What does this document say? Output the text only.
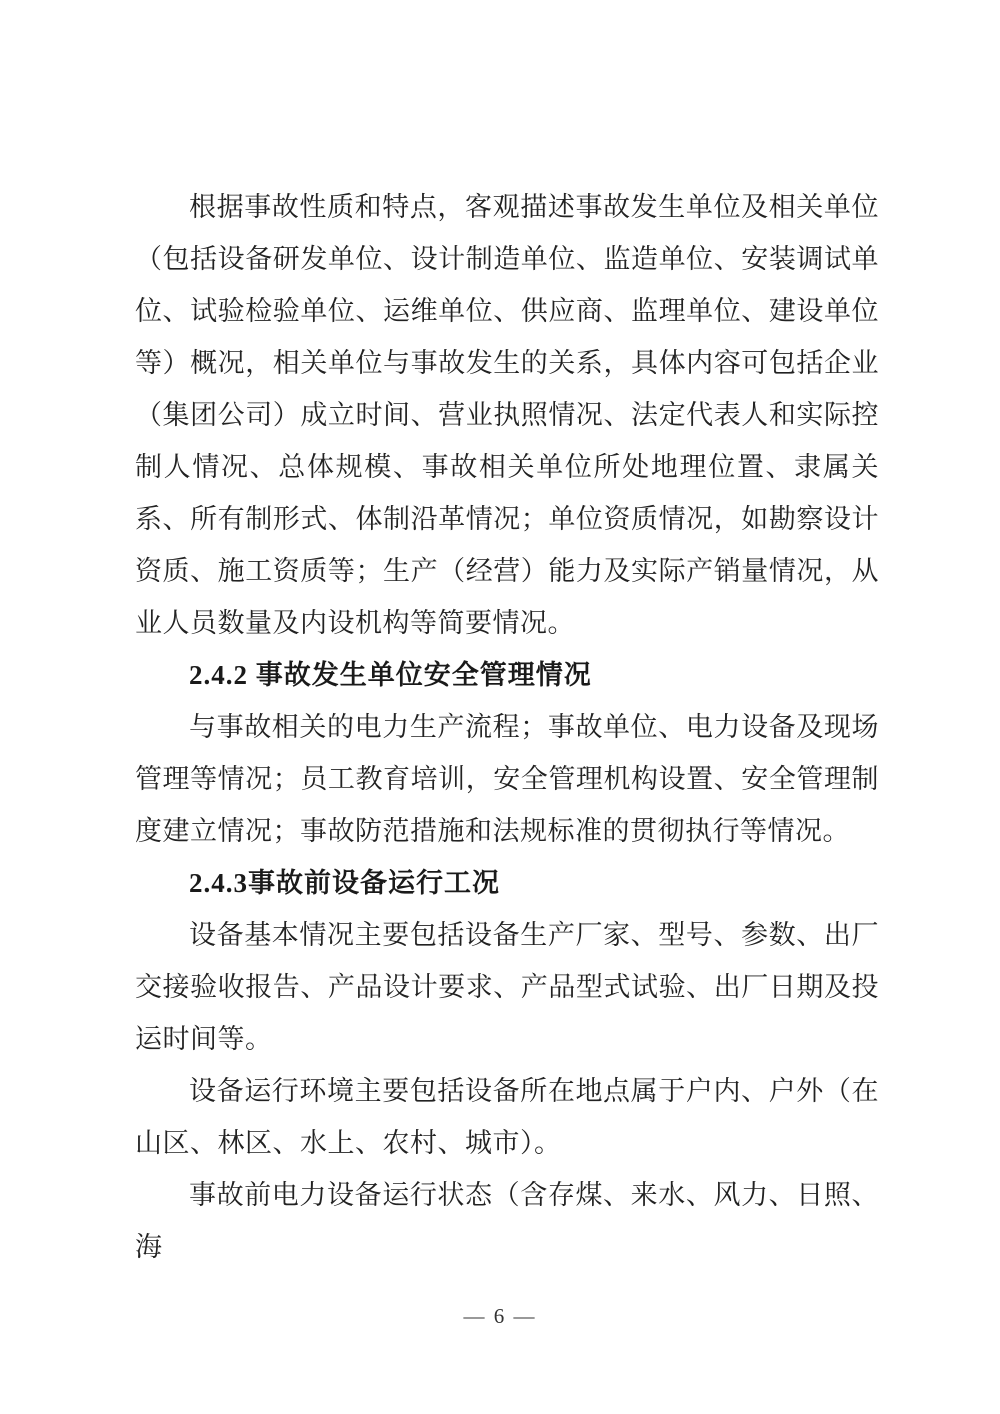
根据事故性质和特点，客观描述事故发生单位及相关单位（包括设备研发单位、设计制造单位、监造单位、安装调试单位、试验检验单位、运维单位、供应商、监理单位、建设单位等）概况，相关单位与事故发生的关系，具体内容可包括企业（集团公司）成立时间、营业执照情况、法定代表人和实际控制人情况、总体规模、事故相关单位所处地理位置、隶属关系、所有制形式、体制沿革情况；单位资质情况，如勘察设计资质、施工资质等；生产（经营）能力及实际产销量情况，从业人员数量及内设机构等简要情况。

2.4.2 事故发生单位安全管理情况

与事故相关的电力生产流程；事故单位、电力设备及现场管理等情况；员工教育培训，安全管理机构设置、安全管理制度建立情况；事故防范措施和法规标准的贯彻执行等情况。

2.4.3事故前设备运行工况

设备基本情况主要包括设备生产厂家、型号、参数、出厂交接验收报告、产品设计要求、产品型式试验、出厂日期及投运时间等。

设备运行环境主要包括设备所在地点属于户内、户外（在山区、林区、水上、农村、城市）。

事故前电力设备运行状态（含存煤、来水、风力、日照、海

— 6 —
